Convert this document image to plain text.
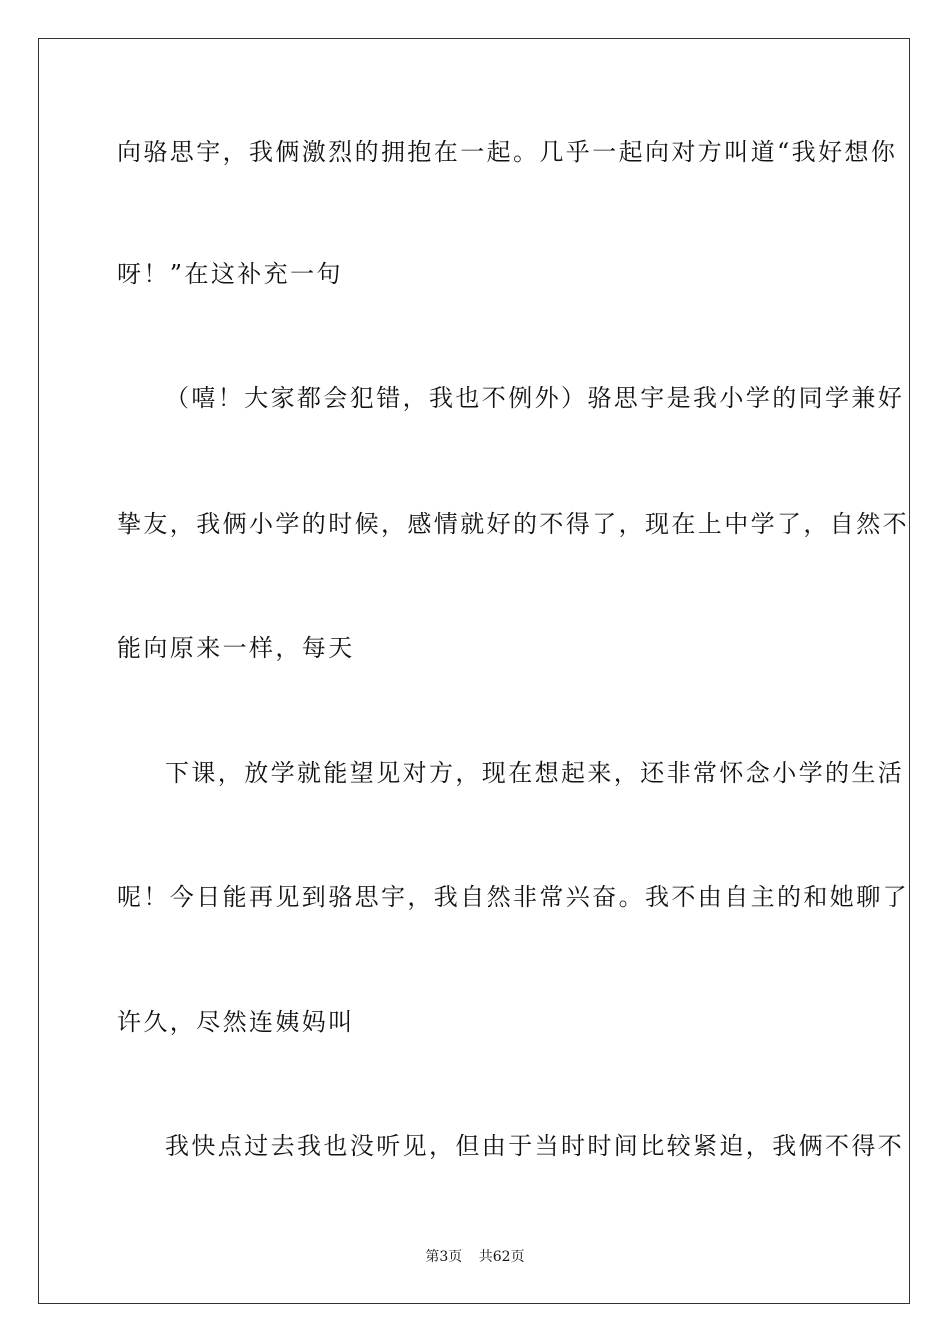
向骆思宇，我俩激烈的拥抱在一起。几乎一起向对方叫道“我好想你
呀！”在这补充一句
（嘻！大家都会犯错，我也不例外）骆思宇是我小学的同学兼好
挚友，我俩小学的时候，感情就好的不得了，现在上中学了，自然不
能向原来一样，每天
下课，放学就能望见对方，现在想起来，还非常怀念小学的生活
呢！今日能再见到骆思宇，我自然非常兴奋。我不由自主的和她聊了
许久，尽然连姨妈叫
我快点过去我也没听见，但由于当时时间比较紧迫，我俩不得不
第3页 共62页
